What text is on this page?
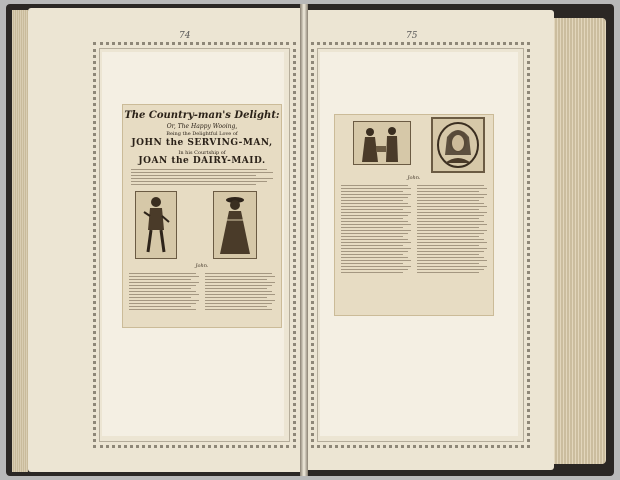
74
The Country-man's Delight:
Or, The Happy Wooing,
Being the Delightful Love of
JOHN the SERVING-MAN,
In his Courtship of
JOAN the DAIRY-MAID.
John.
75
John.
